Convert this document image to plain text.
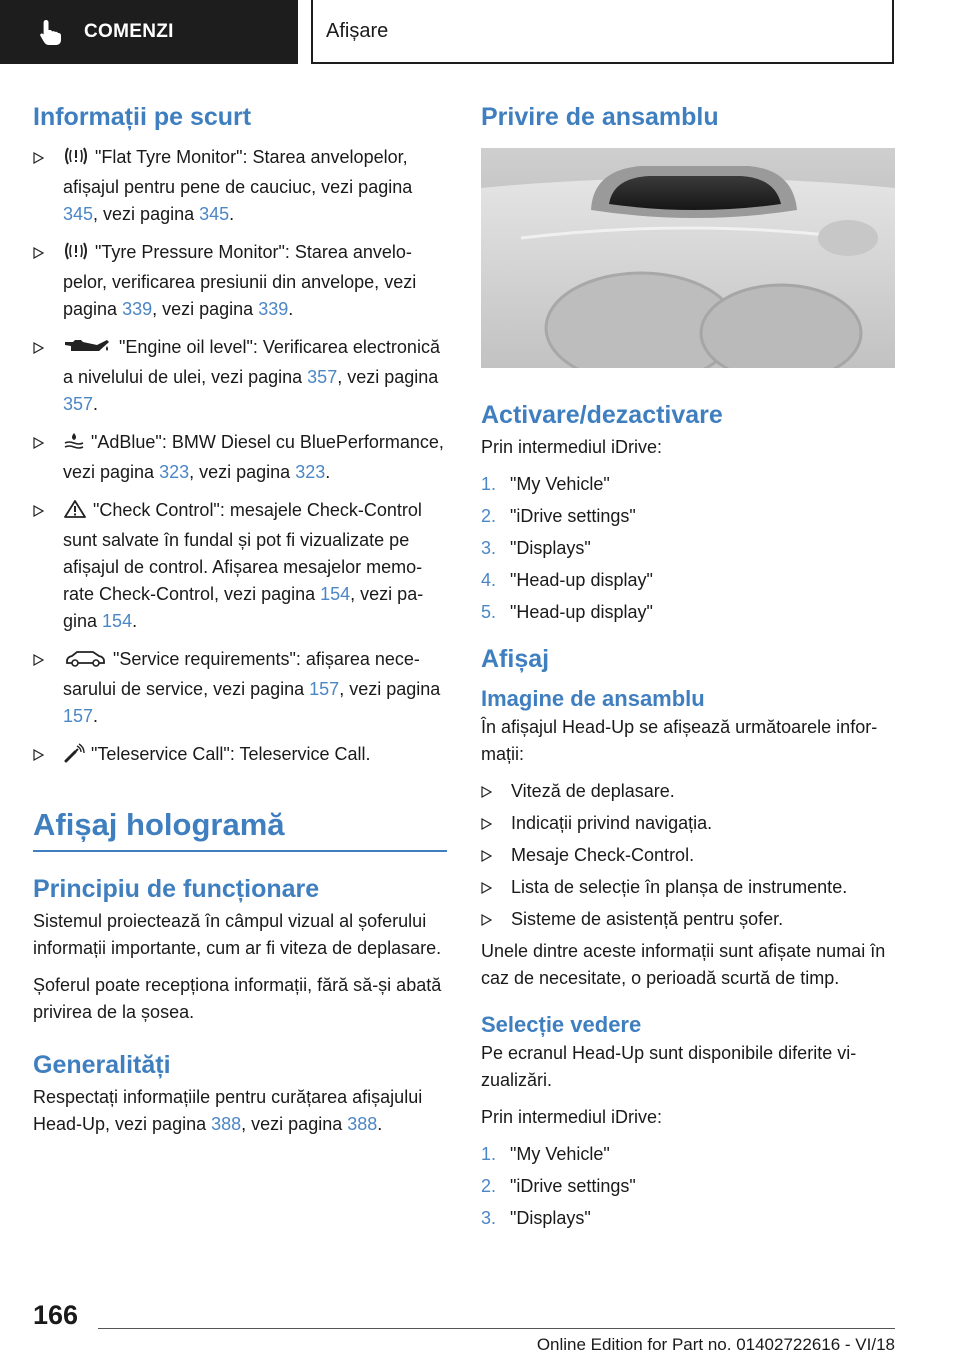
COMENZI	Afișare
Informații pe scurt
"Flat Tyre Monitor": Starea anvelopelor, afișajul pentru pene de cauciuc, vezi pagina 345, vezi pagina 345.
"Tyre Pressure Monitor": Starea anvelopelor, verificarea presiunii din anvelope, vezi pagina 339, vezi pagina 339.
"Engine oil level": Verificarea electronică a nivelului de ulei, vezi pagina 357, vezi pagina 357.
"AdBlue": BMW Diesel cu BluePerformance, vezi pagina 323, vezi pagina 323.
"Check Control": mesajele Check-Control sunt salvate în fundal și pot fi vizualizate pe afișajul de control. Afișarea mesajelor memorate Check-Control, vezi pagina 154, vezi pagina 154.
"Service requirements": afișarea necesarului de service, vezi pagina 157, vezi pagina 157.
"Teleservice Call": Teleservice Call.
Afișaj hologramă
Principiu de funcționare

Sistemul proiectează în câmpul vizual al șoferului informații importante, cum ar fi viteza de deplasare.

Șoferul poate recepționa informații, fără să-și abată privirea de la șosea.

Generalități

Respectați informațiile pentru curățarea afișajului Head-Up, vezi pagina 388, vezi pagina 388.

Privire de ansamblu
Activare/dezactivare

Prin intermediul iDrive:

1. "My Vehicle"
2. "iDrive settings"
3. "Displays"
4. "Head-up display"
5. "Head-up display"
Afișaj
Imagine de ansamblu

În afișajul Head-Up se afișează următoarele informații:

Viteză de deplasare.
Indicații privind navigația.
Mesaje Check-Control.
Lista de selecție în planșa de instrumente.
Sisteme de asistență pentru șofer.

Unele dintre aceste informații sunt afișate numai în caz de necesitate, o perioadă scurtă de timp.

Selecție vedere

Pe ecranul Head-Up sunt disponibile diferite vizualizări.

Prin intermediul iDrive:

1. "My Vehicle"
2. "iDrive settings"
3. "Displays"
166
Online Edition for Part no. 01402722616 - VI/18
